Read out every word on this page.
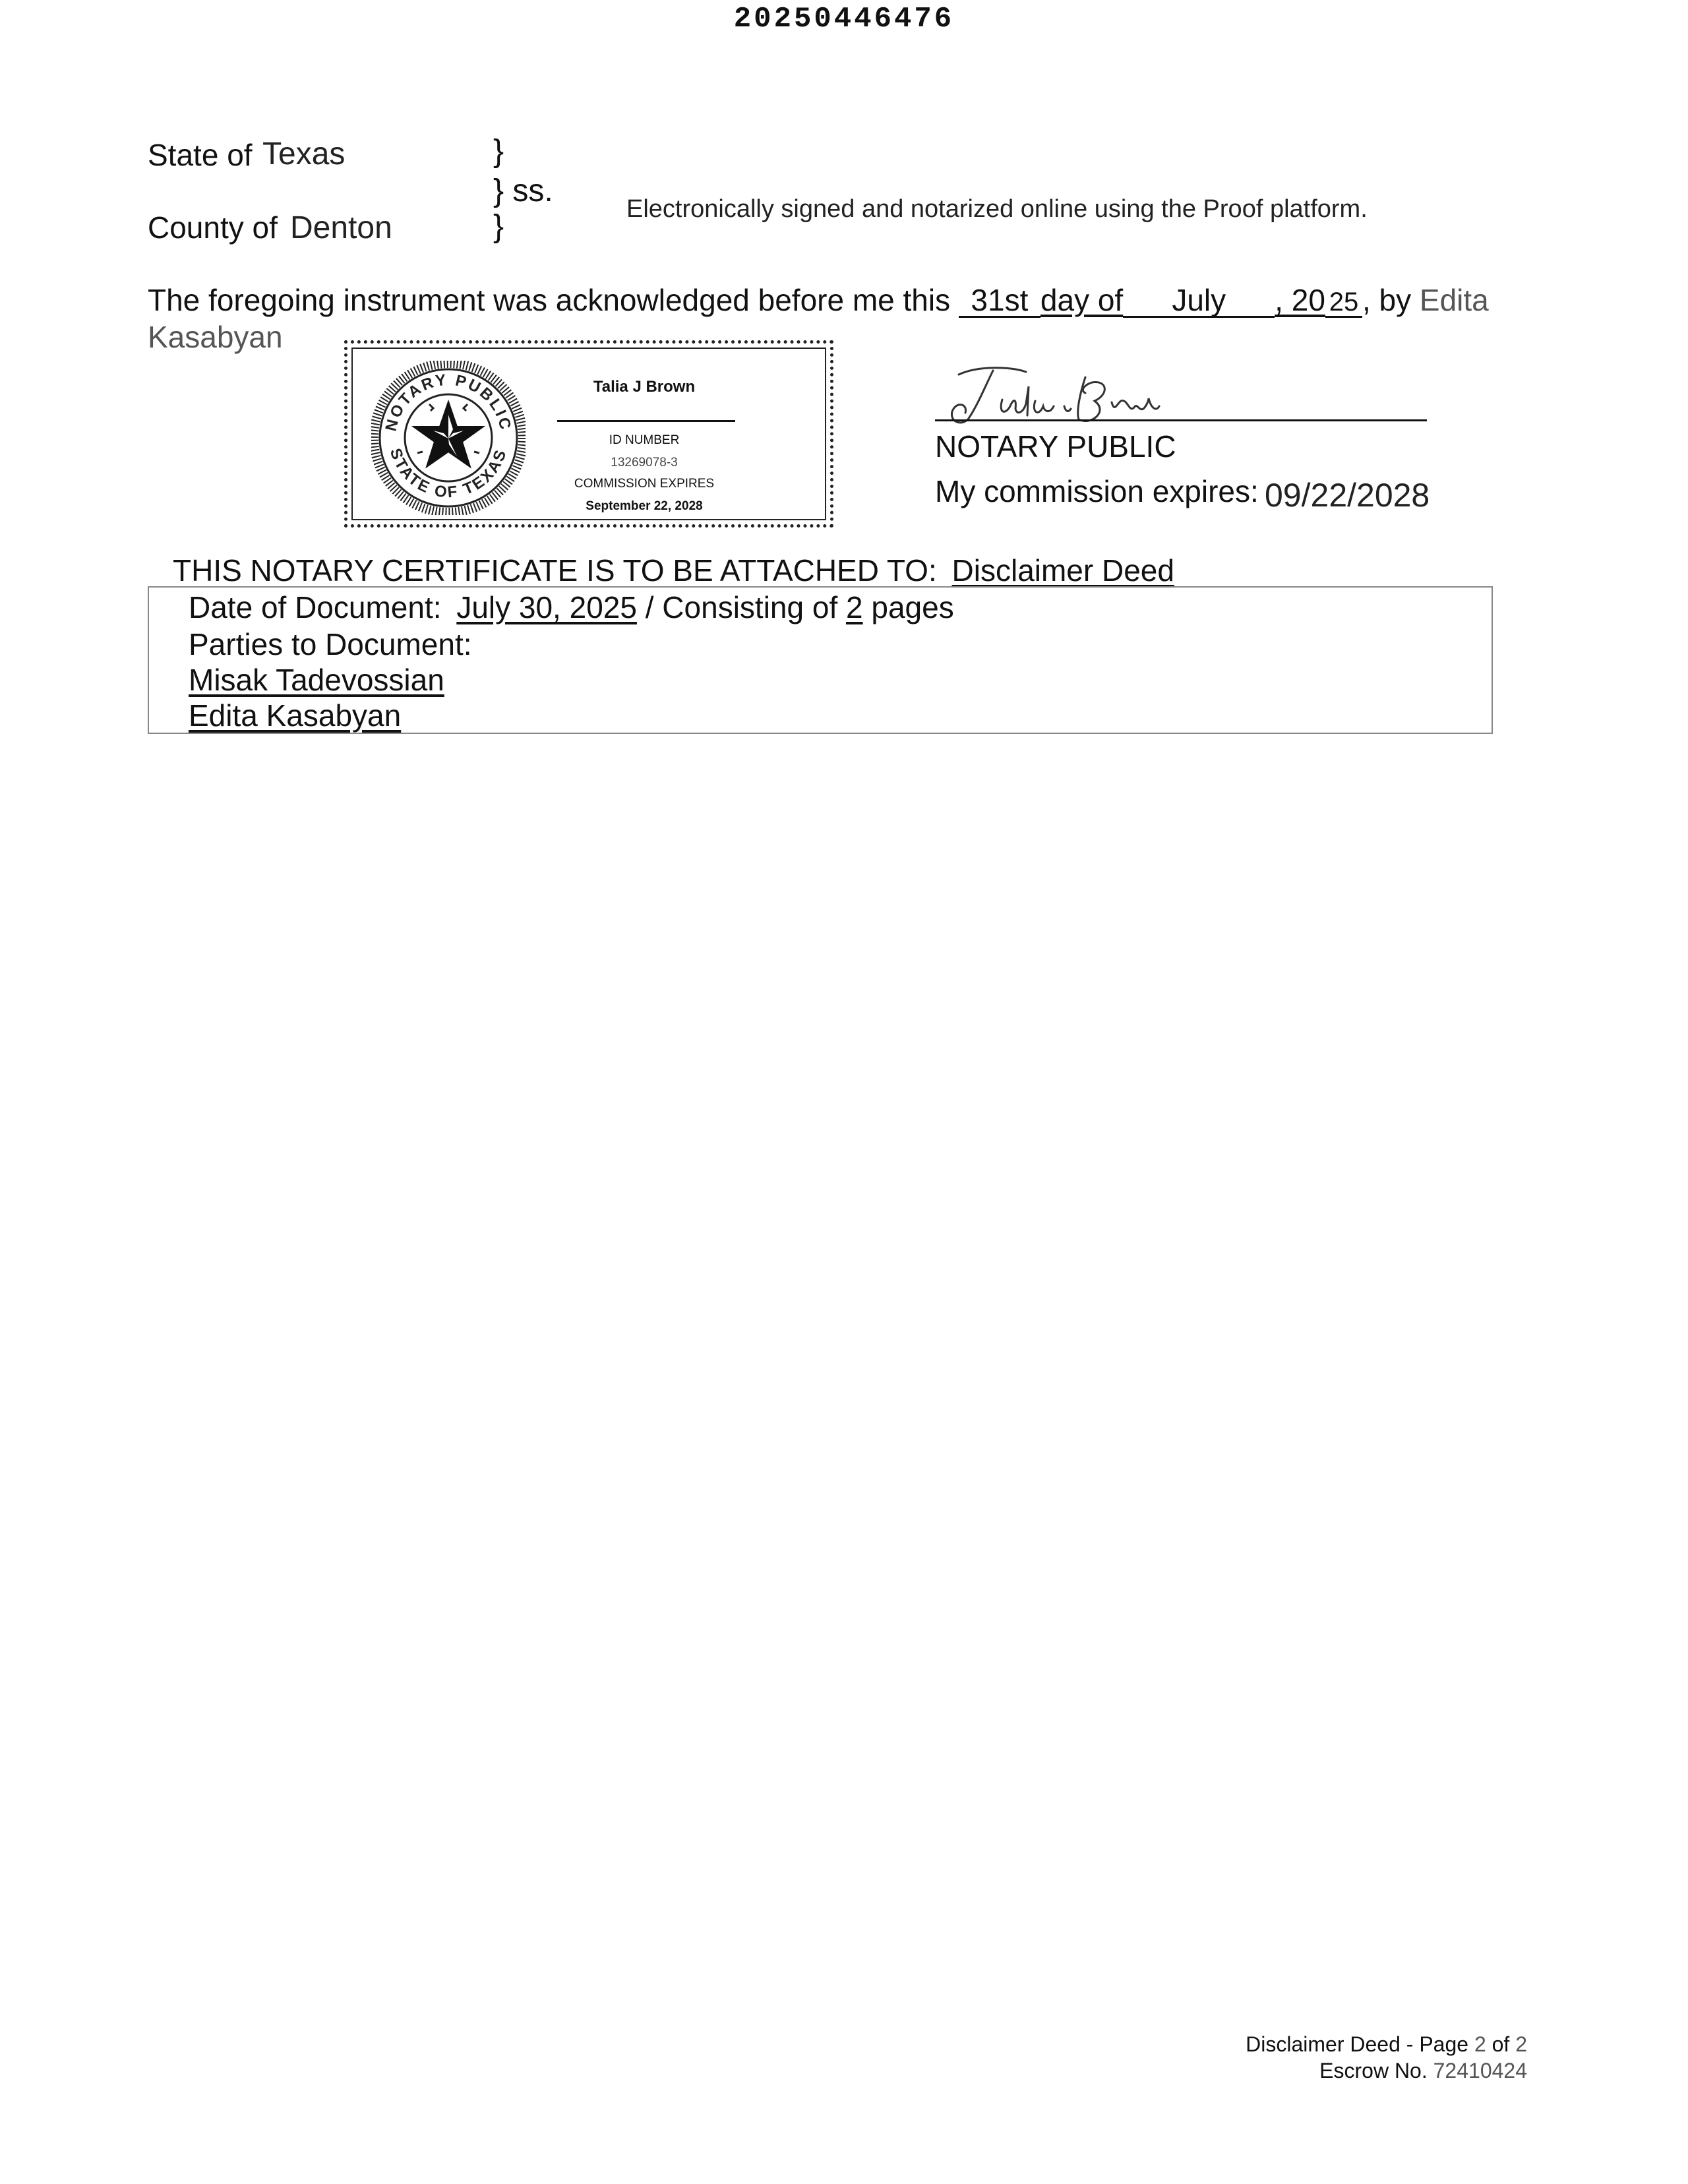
20250446476
State of Texas	}
} ss.
}
County of Denton
Electronically signed and notarized online using the Proof platform.
The foregoing instrument was acknowledged before me this 31st day of July , 20 25 , by Edita
Kasabyan
NOTARY PUBLIC
STATE OF TEXAS
Talia J Brown
ID NUMBER
13269078-3
COMMISSION EXPIRES
September 22, 2028
NOTARY PUBLIC
My commission expires: 09/22/2028
THIS NOTARY CERTIFICATE IS TO BE ATTACHED TO: Disclaimer Deed
Date of Document: July 30, 2025 / Consisting of 2 pages
Parties to Document:
Misak Tadevossian
Edita Kasabyan
Disclaimer Deed - Page 2 of 2
Escrow No. 72410424
